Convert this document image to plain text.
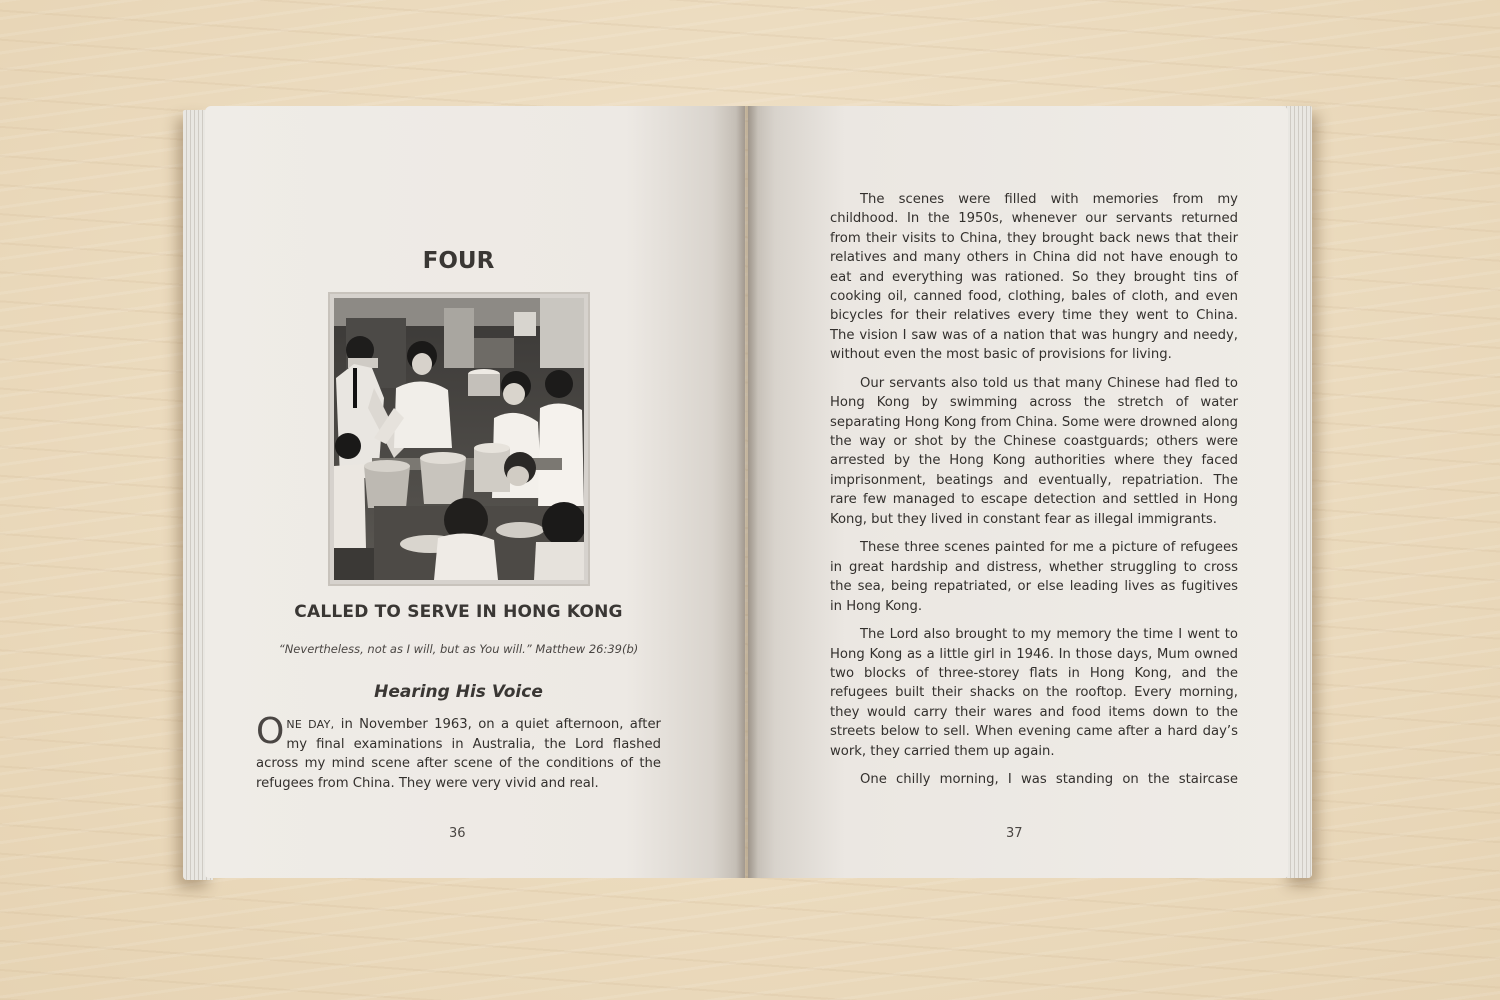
FOUR
CALLED TO SERVE IN HONG KONG
“Nevertheless, not as I will, but as You will.” Matthew 26:39(b)
Hearing His Voice
ONE DAY, in November 1963, on a quiet afternoon, after my final examinations in Australia, the Lord flashed across my mind scene after scene of the conditions of the refugees from China. They were very vivid and real.
36

The scenes were filled with memories from my childhood. In the 1950s, whenever our servants returned from their visits to China, they brought back news that their relatives and many others in China did not have enough to eat and everything was rationed. So they brought tins of cooking oil, canned food, clothing, bales of cloth, and even bicycles for their relatives every time they went to China. The vision I saw was of a nation that was hungry and needy, without even the most basic of provisions for living.

Our servants also told us that many Chinese had fled to Hong Kong by swimming across the stretch of water separating Hong Kong from China. Some were drowned along the way or shot by the Chinese coastguards; others were arrested by the Hong Kong authorities where they faced imprisonment, beatings and eventually, repatriation. The rare few managed to escape detection and settled in Hong Kong, but they lived in constant fear as illegal immigrants.

These three scenes painted for me a picture of refugees in great hardship and distress, whether struggling to cross the sea, being repatriated, or else leading lives as fugitives in Hong Kong.

The Lord also brought to my memory the time I went to Hong Kong as a little girl in 1946. In those days, Mum owned two blocks of three-storey flats in Hong Kong, and the refugees built their shacks on the rooftop. Every morning, they would carry their wares and food items down to the streets below to sell. When evening came after a hard day’s work, they carried them up again.

One chilly morning, I was standing on the staircase

37
